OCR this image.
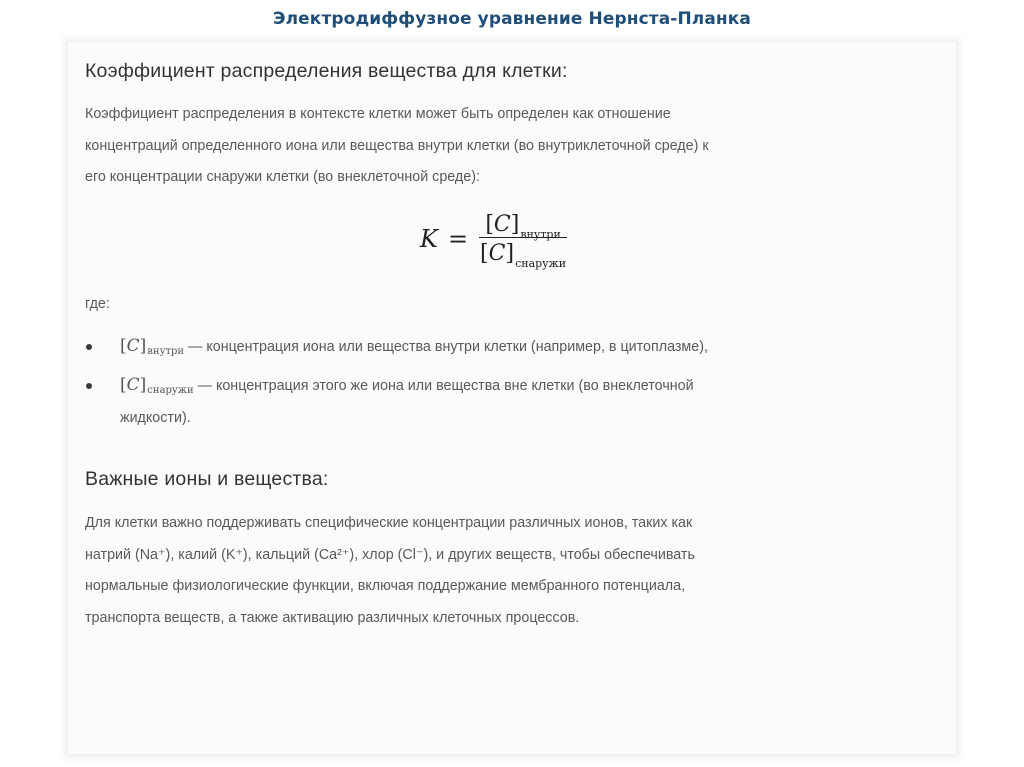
Электродиффузное уравнение Нернста-Планка
Коэффициент распределения вещества для клетки:

Коэффициент распределения в контексте клетки может быть определен как отношение

концентраций определенного иона или вещества внутри клетки (во внутриклеточной среде) к

его концентрации снаружи клетки (во внеклеточной среде):

$K = \frac{\text{[ C ] внутри}}{\text{[ C ] снаружи}}$
где:
[C]внутри — концентрация иона или вещества внутри клетки (например, в цитоплазме),
[C]снаружи — концентрация этого же иона или вещества вне клетки (во внеклеточной
жидкости).
Важные ионы и вещества:

Для клетки важно поддерживать специфические концентрации различных ионов, таких как

натрий (Na⁺), калий (K⁺), кальций (Ca²⁺), хлор (Cl⁻), и других веществ, чтобы обеспечивать

нормальные физиологические функции, включая поддержание мембранного потенциала,

транспорта веществ, а также активацию различных клеточных процессов.
